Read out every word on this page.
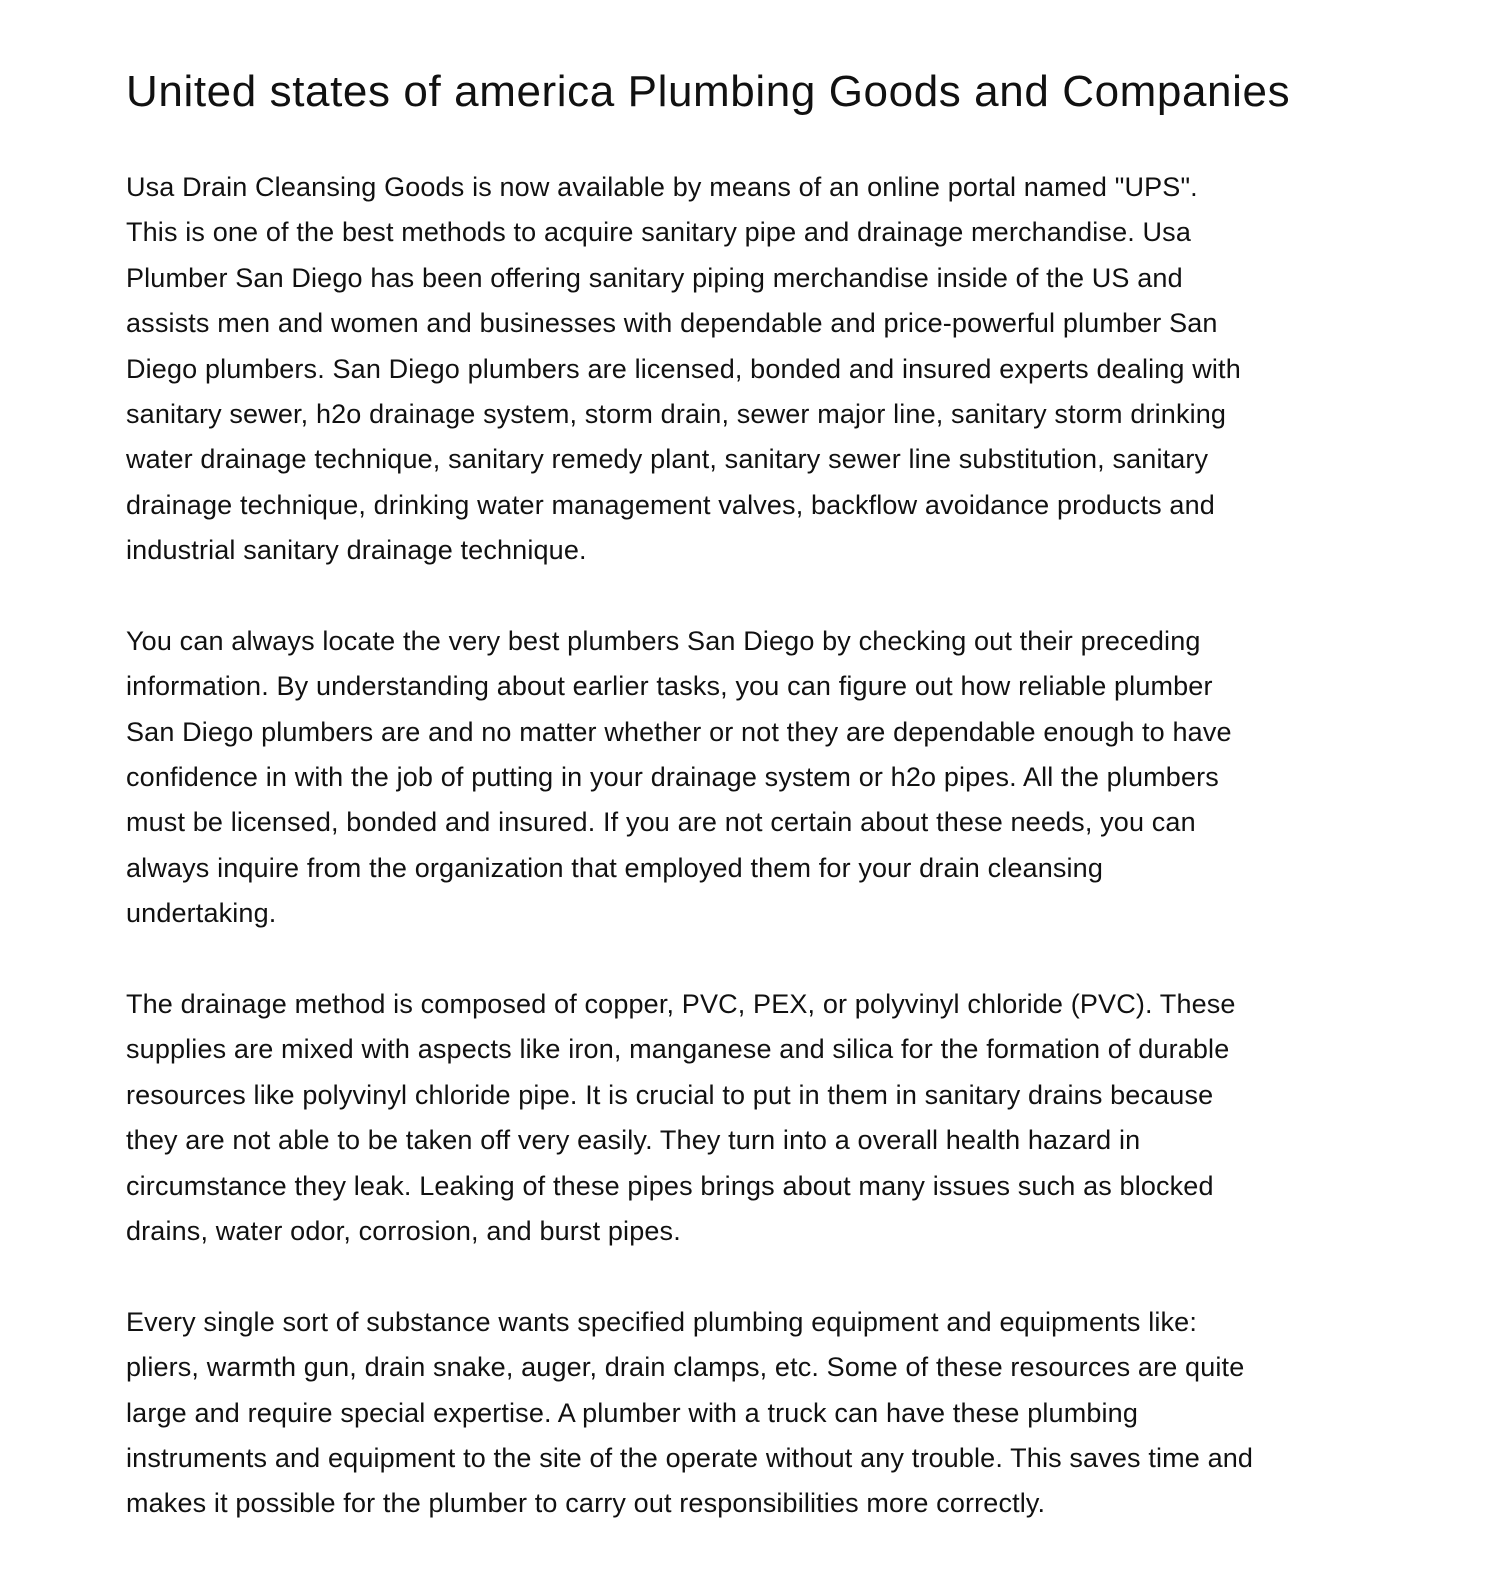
United states of america Plumbing Goods and Companies

Usa Drain Cleansing Goods is now available by means of an online portal named "UPS".
This is one of the best methods to acquire sanitary pipe and drainage merchandise. Usa
Plumber San Diego has been offering sanitary piping merchandise inside of the US and
assists men and women and businesses with dependable and price-powerful plumber San
Diego plumbers. San Diego plumbers are licensed, bonded and insured experts dealing with
sanitary sewer, h2o drainage system, storm drain, sewer major line, sanitary storm drinking
water drainage technique, sanitary remedy plant, sanitary sewer line substitution, sanitary
drainage technique, drinking water management valves, backflow avoidance products and
industrial sanitary drainage technique.

You can always locate the very best plumbers San Diego by checking out their preceding
information. By understanding about earlier tasks, you can figure out how reliable plumber
San Diego plumbers are and no matter whether or not they are dependable enough to have
confidence in with the job of putting in your drainage system or h2o pipes. All the plumbers
must be licensed, bonded and insured. If you are not certain about these needs, you can
always inquire from the organization that employed them for your drain cleansing
undertaking.

The drainage method is composed of copper, PVC, PEX, or polyvinyl chloride (PVC). These
supplies are mixed with aspects like iron, manganese and silica for the formation of durable
resources like polyvinyl chloride pipe. It is crucial to put in them in sanitary drains because
they are not able to be taken off very easily. They turn into a overall health hazard in
circumstance they leak. Leaking of these pipes brings about many issues such as blocked
drains, water odor, corrosion, and burst pipes.

Every single sort of substance wants specified plumbing equipment and equipments like:
pliers, warmth gun, drain snake, auger, drain clamps, etc. Some of these resources are quite
large and require special expertise. A plumber with a truck can have these plumbing
instruments and equipment to the site of the operate without any trouble. This saves time and
makes it possible for the plumber to carry out responsibilities more correctly.
